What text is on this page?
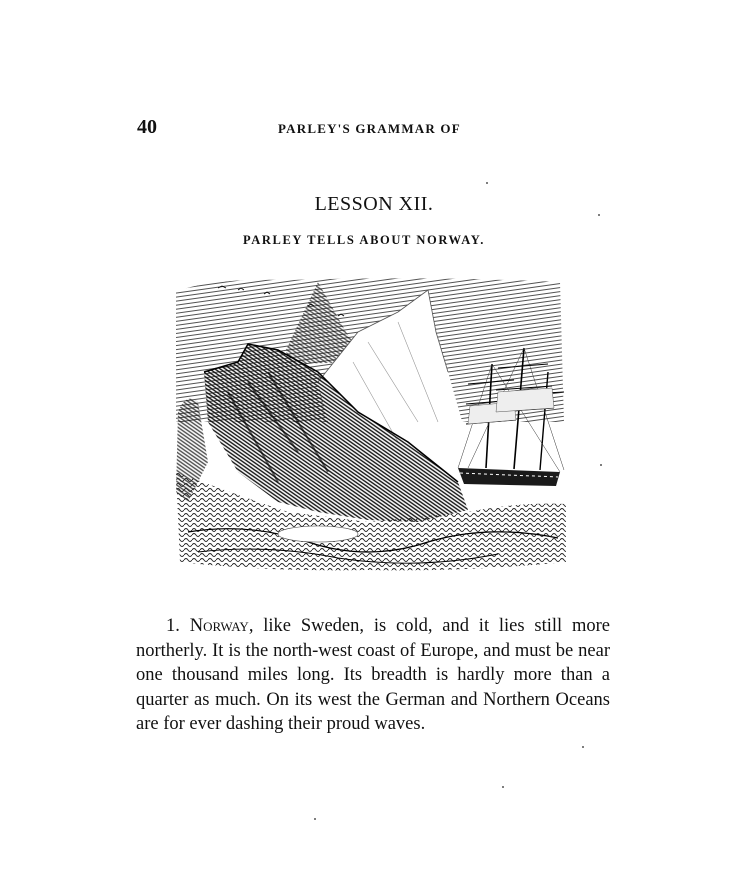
40	PARLEY'S GRAMMAR OF
LESSON XII.
PARLEY TELLS ABOUT NORWAY.
1. Norway, like Sweden, is cold, and it lies still more northerly. It is the north-west coast of Europe, and must be near one thousand miles long. Its breadth is hardly more than a quarter as much. On its west the German and Northern Oceans are for ever dashing their proud waves.
